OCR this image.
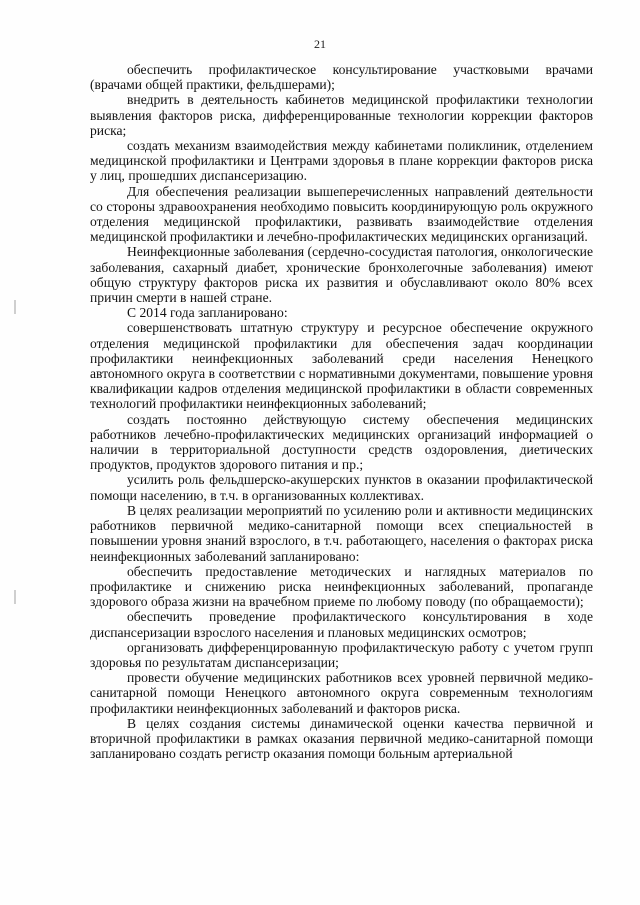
21

обеспечить профилактическое консультирование участковыми врачами (врачами общей практики, фельдшерами);

внедрить в деятельность кабинетов медицинской профилактики технологии выявления факторов риска, дифференцированные технологии коррекции факторов риска;

создать механизм взаимодействия между кабинетами поликлиник, отделением медицинской профилактики и Центрами здоровья в плане коррекции факторов риска у лиц, прошедших диспансеризацию.

Для обеспечения реализации вышеперечисленных направлений деятельности со стороны здравоохранения необходимо повысить координирующую роль окружного отделения медицинской профилактики, развивать взаимодействие отделения медицинской профилактики и лечебно-профилактических медицинских организаций.

Неинфекционные заболевания (сердечно-сосудистая патология, онкологические заболевания, сахарный диабет, хронические бронхолегочные заболевания) имеют общую структуру факторов риска их развития и обуславливают около 80% всех причин смерти в нашей стране.

С 2014 года запланировано:

совершенствовать штатную структуру и ресурсное обеспечение окружного отделения медицинской профилактики для обеспечения задач координации профилактики неинфекционных заболеваний среди населения Ненецкого автономного округа в соответствии с нормативными документами, повышение уровня квалификации кадров отделения медицинской профилактики в области современных технологий профилактики неинфекционных заболеваний;

создать постоянно действующую систему обеспечения медицинских работников лечебно-профилактических медицинских организаций информацией о наличии в территориальной доступности средств оздоровления, диетических продуктов, продуктов здорового питания и пр.;

усилить роль фельдшерско-акушерских пунктов в оказании профилактической помощи населению, в т.ч. в организованных коллективах.

В целях реализации мероприятий по усилению роли и активности медицинских работников первичной медико-санитарной помощи всех специальностей в повышении уровня знаний взрослого, в т.ч. работающего, населения о факторах риска неинфекционных заболеваний запланировано:

обеспечить предоставление методических и наглядных материалов по профилактике и снижению риска неинфекционных заболеваний, пропаганде здорового образа жизни на врачебном приеме по любому поводу (по обращаемости);

обеспечить проведение профилактического консультирования в ходе диспансеризации взрослого населения и плановых медицинских осмотров;

организовать дифференцированную профилактическую работу с учетом групп здоровья по результатам диспансеризации;

провести обучение медицинских работников всех уровней первичной медико-санитарной помощи Ненецкого автономного округа современным технологиям профилактики неинфекционных заболеваний и факторов риска.

В целях создания системы динамической оценки качества первичной и вторичной профилактики в рамках оказания первичной медико-санитарной помощи запланировано создать регистр оказания помощи больным артериальной
